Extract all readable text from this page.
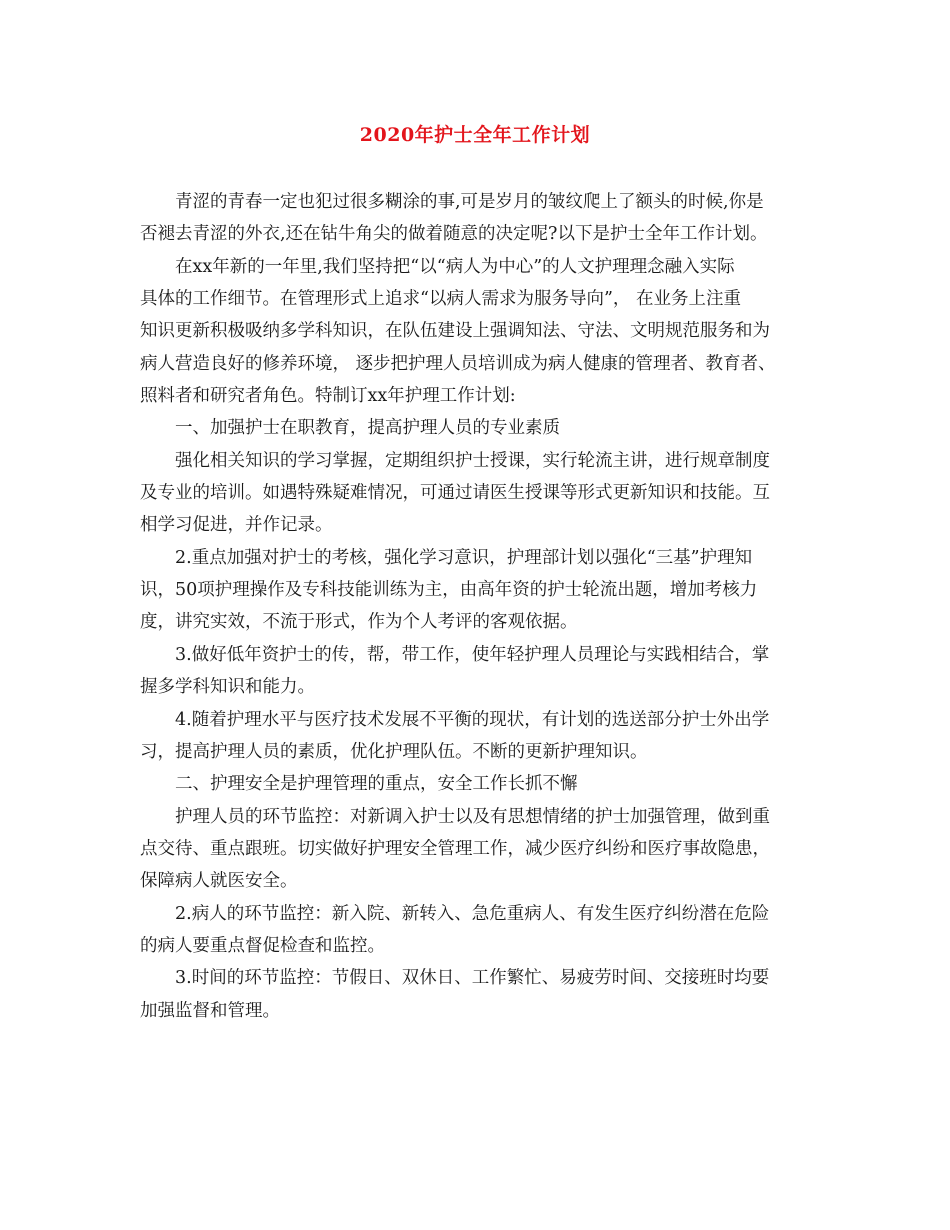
2020年护士全年工作计划
青涩的青春一定也犯过很多糊涂的事,可是岁月的皱纹爬上了额头的时候,你是
否褪去青涩的外衣,还在钻牛角尖的做着随意的决定呢?以下是护士全年工作计划。
在xx年新的一年里,我们坚持把“以“病人为中心”的人文护理理念融入实际
具体的工作细节。在管理形式上追求“以病人需求为服务导向”， 在业务上注重
知识更新积极吸纳多学科知识，在队伍建设上强调知法、守法、文明规范服务和为
病人营造良好的修养环境， 逐步把护理人员培训成为病人健康的管理者、教育者、
照料者和研究者角色。特制订xx年护理工作计划:
一、加强护士在职教育，提高护理人员的专业素质
强化相关知识的学习掌握，定期组织护士授课，实行轮流主讲，进行规章制度
及专业的培训。如遇特殊疑难情况，可通过请医生授课等形式更新知识和技能。互
相学习促进，并作记录。
2.重点加强对护士的考核，强化学习意识，护理部计划以强化“三基”护理知
识，50项护理操作及专科技能训练为主，由高年资的护士轮流出题，增加考核力
度，讲究实效，不流于形式，作为个人考评的客观依据。
3.做好低年资护士的传，帮，带工作，使年轻护理人员理论与实践相结合，掌
握多学科知识和能力。
4.随着护理水平与医疗技术发展不平衡的现状，有计划的选送部分护士外出学
习，提高护理人员的素质，优化护理队伍。不断的更新护理知识。
二、护理安全是护理管理的重点，安全工作长抓不懈
护理人员的环节监控：对新调入护士以及有思想情绪的护士加强管理，做到重
点交待、重点跟班。切实做好护理安全管理工作，减少医疗纠纷和医疗事故隐患，
保障病人就医安全。
2.病人的环节监控：新入院、新转入、急危重病人、有发生医疗纠纷潜在危险
的病人要重点督促检查和监控。
3.时间的环节监控：节假日、双休日、工作繁忙、易疲劳时间、交接班时均要
加强监督和管理。
